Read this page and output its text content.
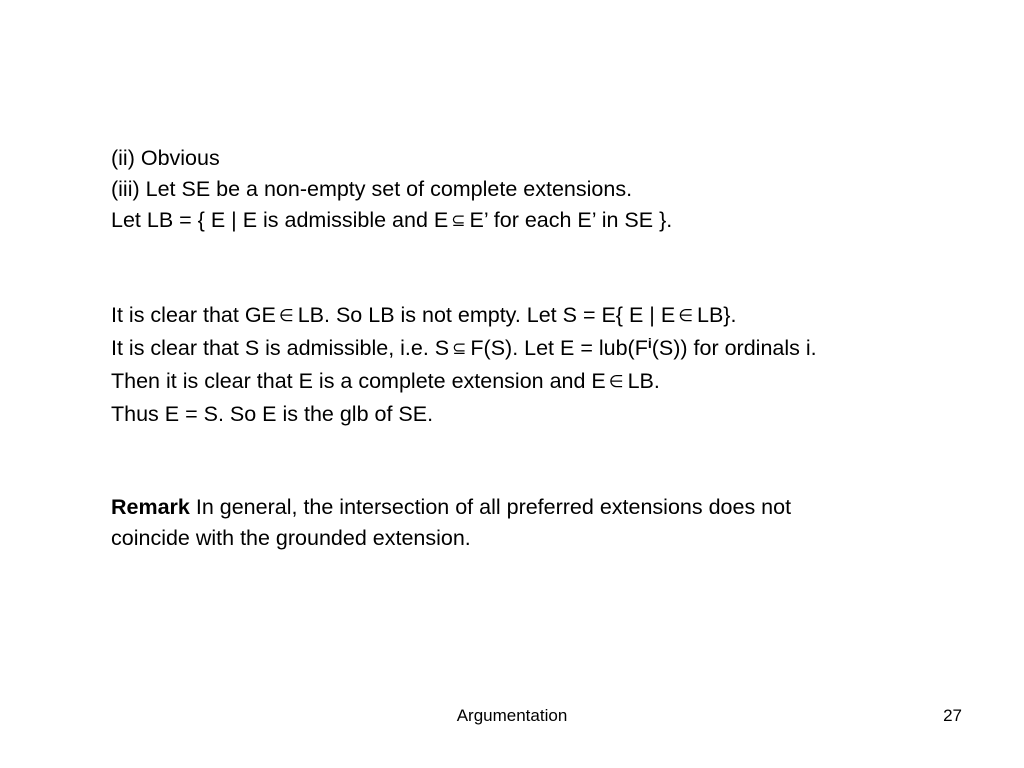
(ii) Obvious
(iii) Let SE be a non-empty set of complete extensions.
Let LB = { E | E is admissible and E ⊆ E’ for each E’ in SE }.
It is clear that GE ∈ LB. So LB is not empty. Let S = E{ E | E ∈ LB}.
It is clear that S is admissible, i.e. S ⊆ F(S). Let $E = lub(F^i(S))$ for ordinals i.
Then it is clear that E is a complete extension and E ∈ LB.
Thus E = S. So E is the glb of SE.
Remark In general, the intersection of all preferred extensions does not
coincide with the grounded extension.
Argumentation	27
